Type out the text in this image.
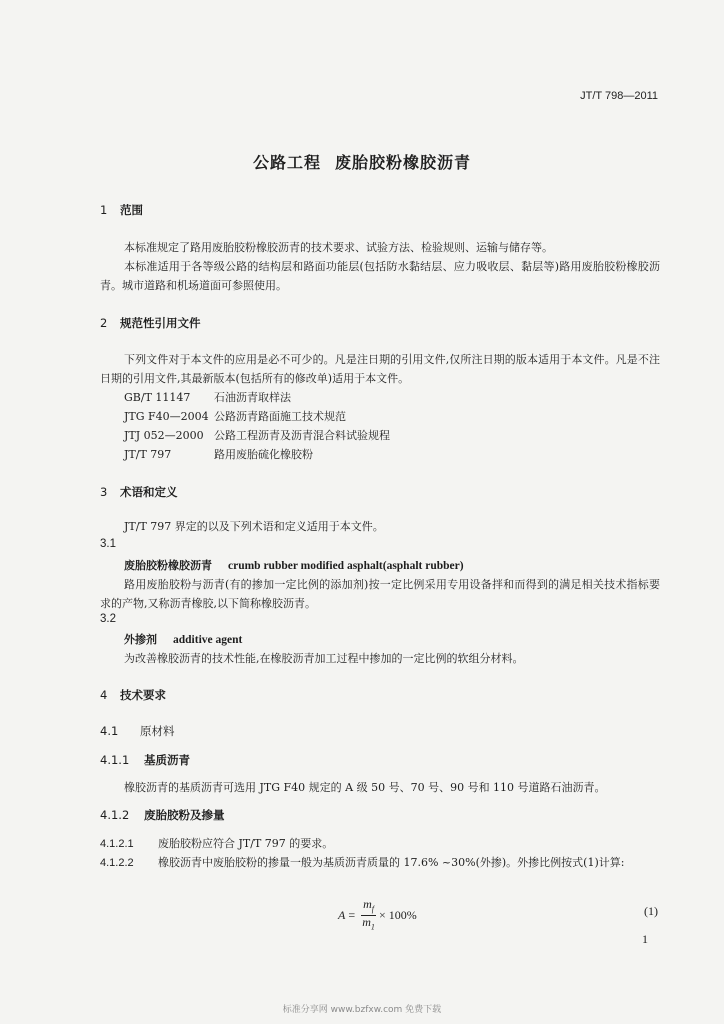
JT/T 798—2011
公路工程 废胎胶粉橡胶沥青
1 范围
本标准规定了路用废胎胶粉橡胶沥青的技术要求、试验方法、检验规则、运输与储存等。
本标准适用于各等级公路的结构层和路面功能层(包括防水黏结层、应力吸收层、黏层等)路用废胎胶粉橡胶沥青。城市道路和机场道面可参照使用。
2 规范性引用文件
下列文件对于本文件的应用是必不可少的。凡是注日期的引用文件,仅所注日期的版本适用于本文件。凡是不注日期的引用文件,其最新版本(包括所有的修改单)适用于本文件。
GB/T 11147 石油沥青取样法
JTG F40—2004 公路沥青路面施工技术规范
JTJ 052—2000 公路工程沥青及沥青混合料试验规程
JT/T 797	路用废胎硫化橡胶粉
3 术语和定义
JT/T 797 界定的以及下列术语和定义适用于本文件。
3.1
废胎胶粉橡胶沥青 crumb rubber modified asphalt(asphalt rubber)
路用废胎胶粉与沥青(有的掺加一定比例的添加剂)按一定比例采用专用设备拌和而得到的满足相关技术指标要求的产物,又称沥青橡胶,以下简称橡胶沥青。
3.2
外掺剂 additive agent
为改善橡胶沥青的技术性能,在橡胶沥青加工过程中掺加的一定比例的软组分材料。
4 技术要求
4.1 原材料
4.1.1 基质沥青
橡胶沥青的基质沥青可选用 JTG F40 规定的 A 级 50 号、70 号、90 号和 110 号道路石油沥青。
4.1.2 废胎胶粉及掺量
4.1.2.1 废胎胶粉应符合 JT/T 797 的要求。
4.1.2.2 橡胶沥青中废胎胶粉的掺量一般为基质沥青质量的 17.6% ~30%(外掺)。外掺比例按式(1)计算:
$A = \frac{m_f}{m_1} \times 100\%$	(1)
1
标准分享网 www.bzfxw.com 免费下载
